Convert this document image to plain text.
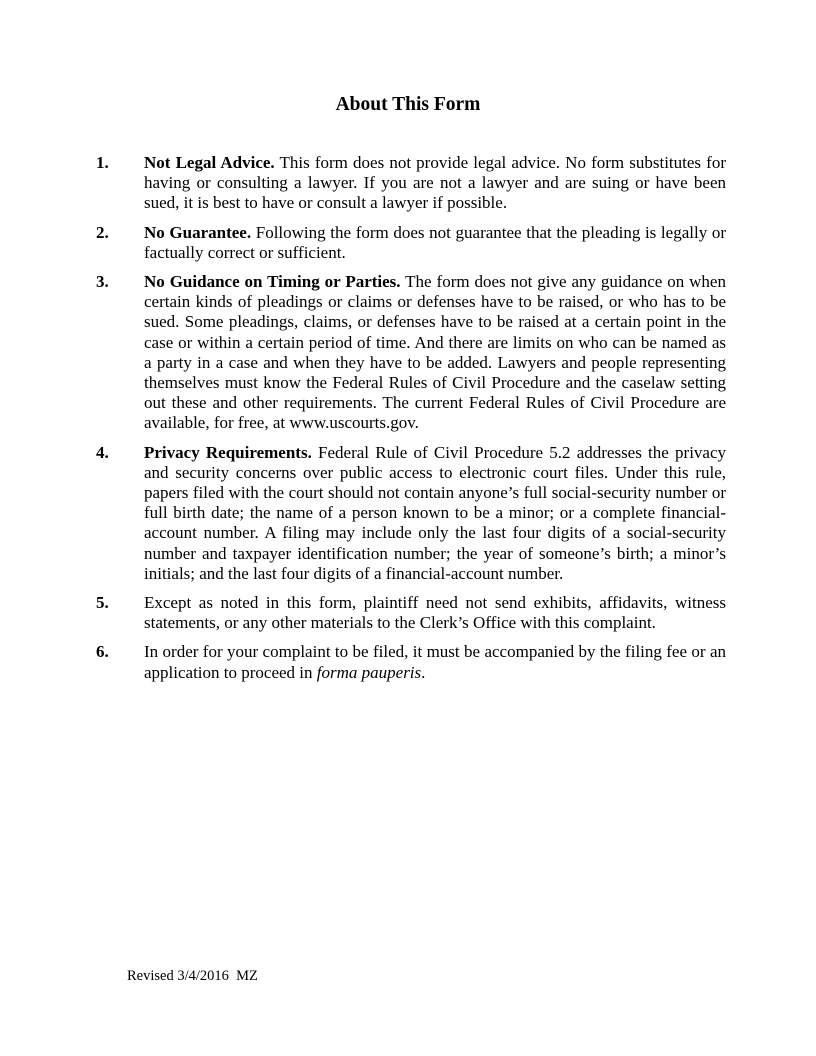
About This Form
1. Not Legal Advice. This form does not provide legal advice. No form substitutes for having or consulting a lawyer. If you are not a lawyer and are suing or have been sued, it is best to have or consult a lawyer if possible.
2. No Guarantee. Following the form does not guarantee that the pleading is legally or factually correct or sufficient.
3. No Guidance on Timing or Parties. The form does not give any guidance on when certain kinds of pleadings or claims or defenses have to be raised, or who has to be sued. Some pleadings, claims, or defenses have to be raised at a certain point in the case or within a certain period of time. And there are limits on who can be named as a party in a case and when they have to be added. Lawyers and people representing themselves must know the Federal Rules of Civil Procedure and the caselaw setting out these and other requirements. The current Federal Rules of Civil Procedure are available, for free, at www.uscourts.gov.
4. Privacy Requirements. Federal Rule of Civil Procedure 5.2 addresses the privacy and security concerns over public access to electronic court files. Under this rule, papers filed with the court should not contain anyone’s full social-security number or full birth date; the name of a person known to be a minor; or a complete financial-account number. A filing may include only the last four digits of a social-security number and taxpayer identification number; the year of someone’s birth; a minor’s initials; and the last four digits of a financial-account number.
5. Except as noted in this form, plaintiff need not send exhibits, affidavits, witness statements, or any other materials to the Clerk’s Office with this complaint.
6. In order for your complaint to be filed, it must be accompanied by the filing fee or an application to proceed in forma pauperis.
Revised 3/4/2016  MZ
